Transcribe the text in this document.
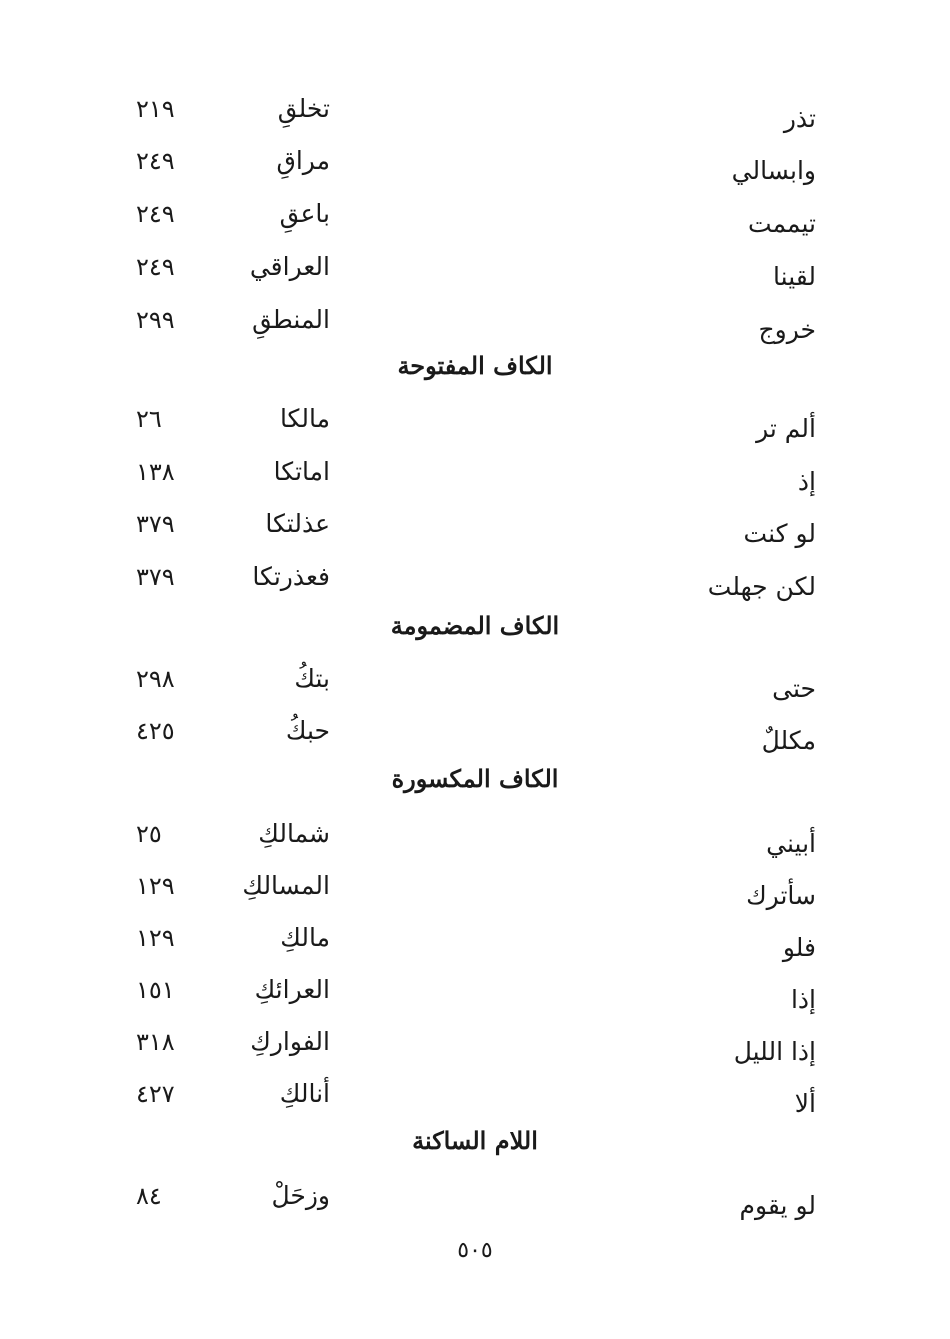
تذر
تخلقِ
٢١٩
وابسالي
مراقِ
٢٤٩
تيممت
باعقِ
٢٤٩
لقينا
العراقي
٢٤٩
خروج
المنطقِ
٢٩٩
الكاف المفتوحة
ألم تر
مالكا
٢٦
إذ
اماتكا
١٣٨
لو كنت
عذلتكا
٣٧٩
لكن جهلت
فعذرتكا
٣٧٩
الكاف المضمومة
حتى
بتكُ
٢٩٨
مكللٌ
حبكُ
٤٢٥
الكاف المكسورة
أبيني
شمالكِ
٢٥
سأترك
المسالكِ
١٢٩
فلو
مالكِ
١٢٩
إذا
العرائكِ
١٥١
إذا الليل
الفواركِ
٣١٨
ألا
أنالكِ
٤٢٧
اللام الساكنة
لو يقوم
وزحَلْ
٨٤
٥٠٥
